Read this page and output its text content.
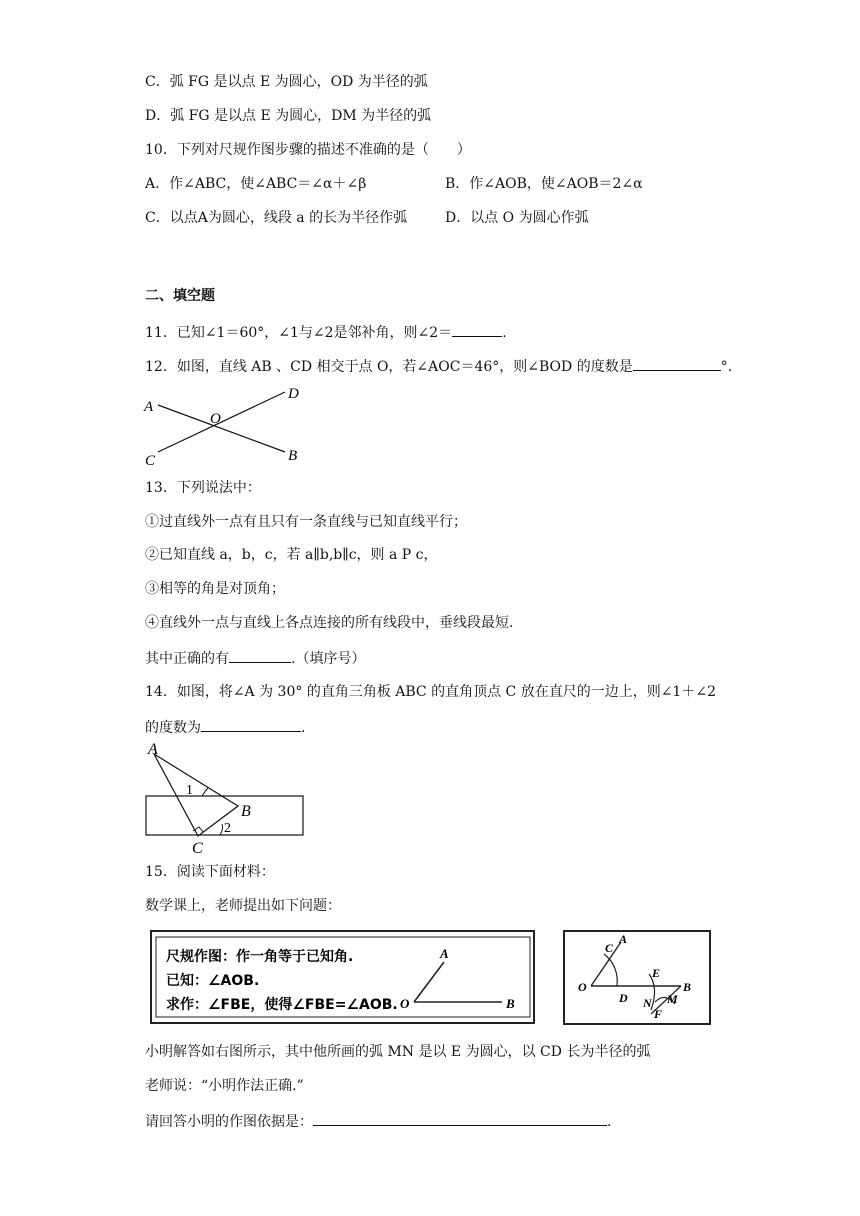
C．弧 FG 是以点 E 为圆心，OD 为半径的弧
D．弧 FG 是以点 E 为圆心，DM 为半径的弧
10．下列对尺规作图步骤的描述不准确的是（　　）
A．作∠ABC，使∠ABC＝∠α＋∠β	B．作∠AOB，使∠AOB＝2∠α
C．以点A为圆心，线段 a 的长为半径作弧	D．以点 O 为圆心作弧
二、填空题
11．已知∠1＝60°，∠1与∠2是邻补角，则∠2＝	.
12．如图，直线 AB 、CD 相交于点 O，若∠AOC＝46°，则∠BOD 的度数是	°.
A
B
C
D
O
13．下列说法中：
①过直线外一点有且只有一条直线与已知直线平行；
②已知直线 a，b，c，若 a∥b,b∥c，则 a P c，
③相等的角是对顶角；
④直线外一点与直线上各点连接的所有线段中，垂线段最短.
其中正确的有	.（填序号）
14．如图，将∠A 为 30° 的直角三角板 ABC 的直角顶点 C 放在直尺的一边上，则∠1＋∠2
的度数为	.
A
B
C
1
2
15．阅读下面材料：
数学课上，老师提出如下问题：
尺规作图：作一角等于已知角.
已知：∠AOB.
求作：∠FBE，使得∠FBE=∠AOB.
A
O	B
C
A
O
D
E
B
N M
F
小明解答如右图所示，其中他所画的弧 MN 是以 E 为圆心，以 CD 长为半径的弧
老师说：“小明作法正确.”
请回答小明的作图依据是：	.
